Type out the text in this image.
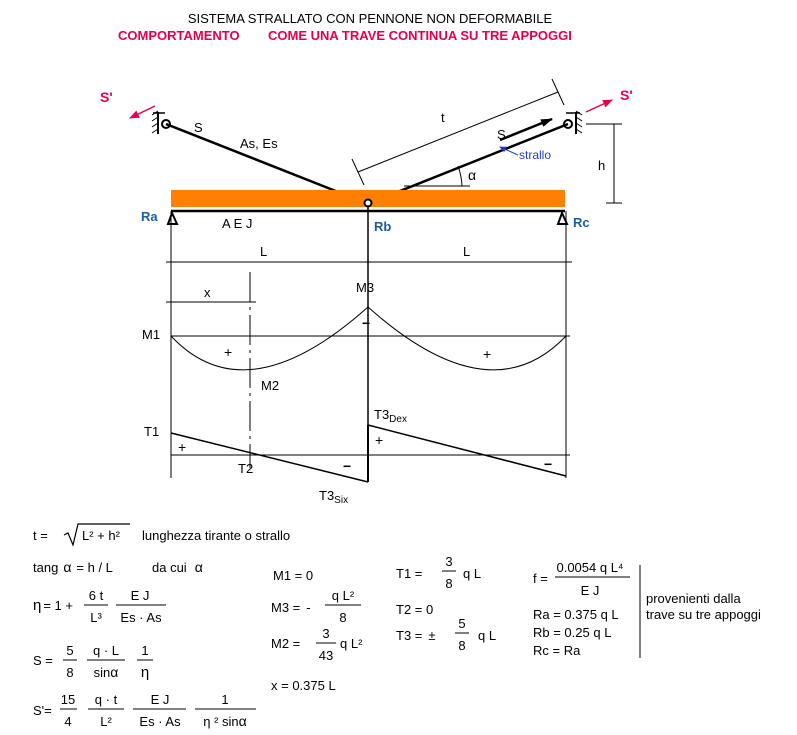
SISTEMA STRALLATO CON PENNONE NON DEFORMABILE
COMPORTAMENTO COME UNA TRAVE CONTINUA SU TRE APPOGGI
S'	S'
S
As, Es
S
t
strallo
α
h
Ra
Rb	Rc
A E J
L	L
x
M1
M2
M3
+	+
−
T1
T2
$T3_{Dex}$
$T3_{Six}$
+	+
−	−
t =	L² + h² lunghezza tirante o strallo
tang α = h / L	da cui α
η = 1 +
6 t
L³
E J
Es · As
S =
5
8
q · L
sinα
1
η
S'=
15
4
q · t
L²
E J
Es · As
1
η ² sinα
M1 = 0
M3 = -
q L²
8
M2 =
3
43
q L²
x = 0.375 L
T1 =
3
8
q L
T2 = 0
T3 = ±
5
8
q L
f =
0.0054 q L⁴
E J
Ra = 0.375 q L
Rb = 0.25 q L
Rc = Ra
provenienti dalla
trave su tre appoggi
